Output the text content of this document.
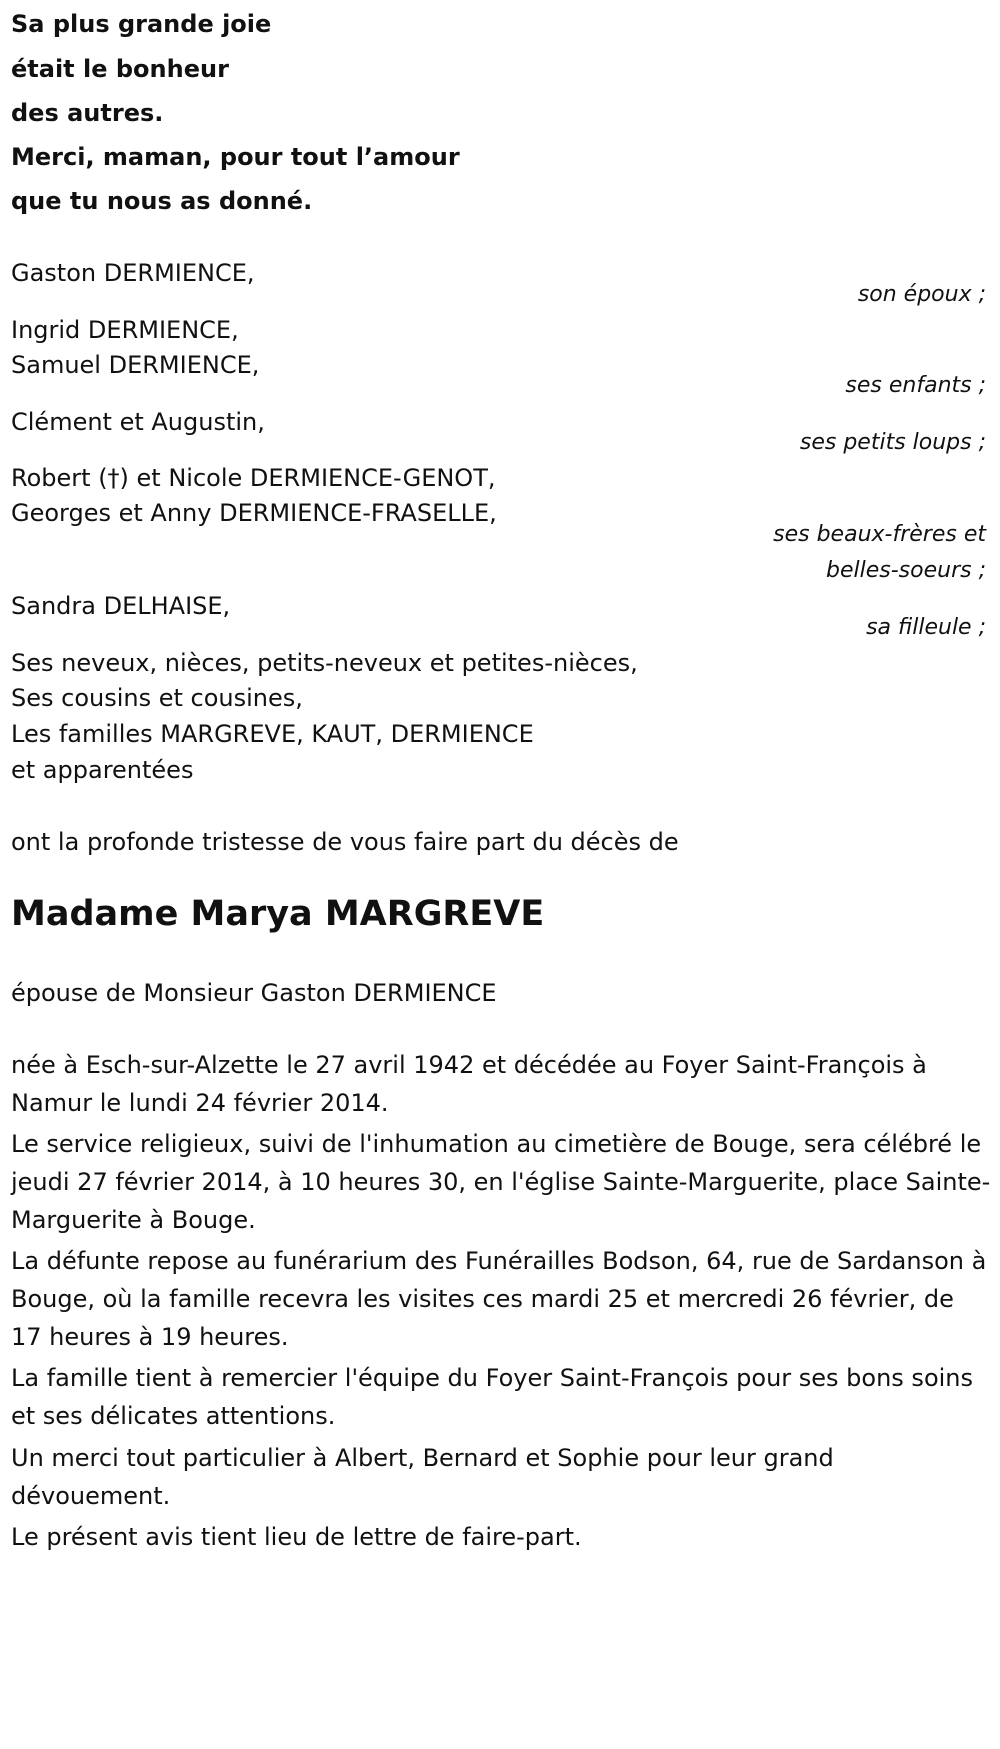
Sa plus grande joie
était le bonheur
des autres.
Merci, maman, pour tout l’amour
que tu nous as donné.
Gaston DERMIENCE,
son époux ;
Ingrid DERMIENCE,
Samuel DERMIENCE,
ses enfants ;
Clément et Augustin,
ses petits loups ;
Robert (†) et Nicole DERMIENCE-GENOT,
Georges et Anny DERMIENCE-FRASELLE,
ses beaux-frères et
belles-soeurs ;
Sandra DELHAISE,
sa filleule ;
Ses neveux, nièces, petits-neveux et petites-nièces,
Ses cousins et cousines,
Les familles MARGREVE, KAUT, DERMIENCE
et apparentées
ont la profonde tristesse de vous faire part du décès de
Madame Marya MARGREVE
épouse de Monsieur Gaston DERMIENCE
née à Esch-sur-Alzette le 27 avril 1942 et décédée au Foyer Saint-François à Namur le lundi 24 février 2014.
Le service religieux, suivi de l'inhumation au cimetière de Bouge, sera célébré le jeudi 27 février 2014, à 10 heures 30, en l'église Sainte-Marguerite, place Sainte-Marguerite à Bouge.
La défunte repose au funérarium des Funérailles Bodson, 64, rue de Sardanson à Bouge, où la famille recevra les visites ces mardi 25 et mercredi 26 février, de 17 heures à 19 heures.
La famille tient à remercier l'équipe du Foyer Saint-François pour ses bons soins et ses délicates attentions.
Un merci tout particulier à Albert, Bernard et Sophie pour leur grand dévouement.
Le présent avis tient lieu de lettre de faire-part.
